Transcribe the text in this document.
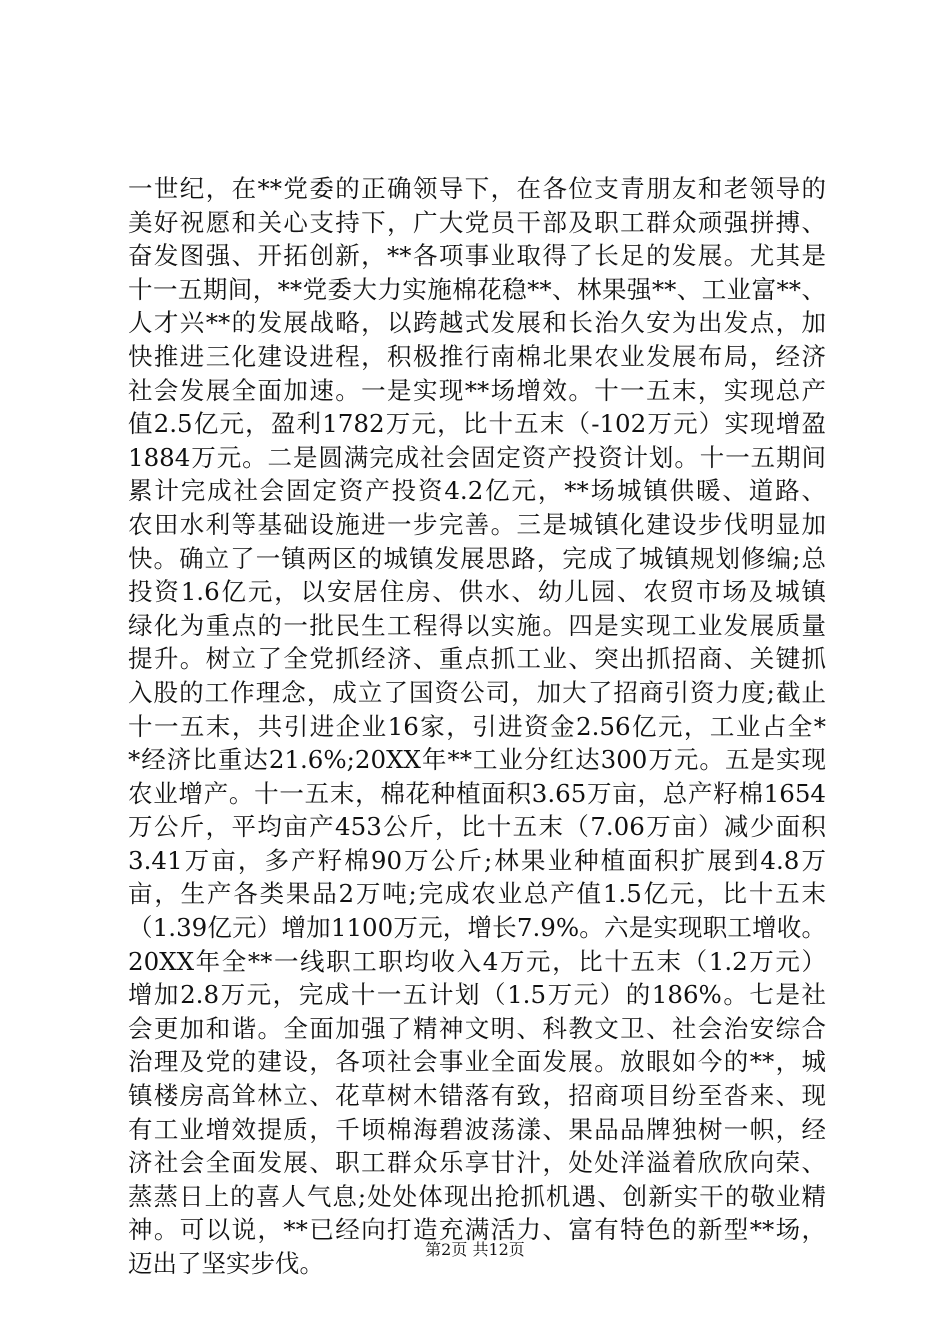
一世纪，在**党委的正确领导下，在各位支青朋友和老领导的
美好祝愿和关心支持下，广大党员干部及职工群众顽强拼搏、
奋发图强、开拓创新，**各项事业取得了长足的发展。尤其是
十一五期间，**党委大力实施棉花稳**、林果强**、工业富**、
人才兴**的发展战略，以跨越式发展和长治久安为出发点，加
快推进三化建设进程，积极推行南棉北果农业发展布局，经济
社会发展全面加速。一是实现**场增效。十一五末，实现总产
值2.5亿元，盈利1782万元，比十五末（-102万元）实现增盈
1884万元。二是圆满完成社会固定资产投资计划。十一五期间
累计完成社会固定资产投资4.2亿元，**场城镇供暖、道路、
农田水利等基础设施进一步完善。三是城镇化建设步伐明显加
快。确立了一镇两区的城镇发展思路，完成了城镇规划修编;总
投资1.6亿元，以安居住房、供水、幼儿园、农贸市场及城镇
绿化为重点的一批民生工程得以实施。四是实现工业发展质量
提升。树立了全党抓经济、重点抓工业、突出抓招商、关键抓
入股的工作理念，成立了国资公司，加大了招商引资力度;截止
十一五末，共引进企业16家，引进资金2.56亿元，工业占全*
*经济比重达21.6%;20XX年**工业分红达300万元。五是实现
农业增产。十一五末，棉花种植面积3.65万亩，总产籽棉1654
万公斤，平均亩产453公斤，比十五末（7.06万亩）减少面积
3.41万亩，多产籽棉90万公斤;林果业种植面积扩展到4.8万
亩，生产各类果品2万吨;完成农业总产值1.5亿元，比十五末
（1.39亿元）增加1100万元，增长7.9%。六是实现职工增收。
20XX年全**一线职工职均收入4万元，比十五末（1.2万元）
增加2.8万元，完成十一五计划（1.5万元）的186%。七是社
会更加和谐。全面加强了精神文明、科教文卫、社会治安综合
治理及党的建设，各项社会事业全面发展。放眼如今的**，城
镇楼房高耸林立、花草树木错落有致，招商项目纷至沓来、现
有工业增效提质，千顷棉海碧波荡漾、果品品牌独树一帜，经
济社会全面发展、职工群众乐享甘汁，处处洋溢着欣欣向荣、
蒸蒸日上的喜人气息;处处体现出抢抓机遇、创新实干的敬业精
神。可以说，**已经向打造充满活力、富有特色的新型**场，
迈出了坚实步伐。	第2页 共12页
